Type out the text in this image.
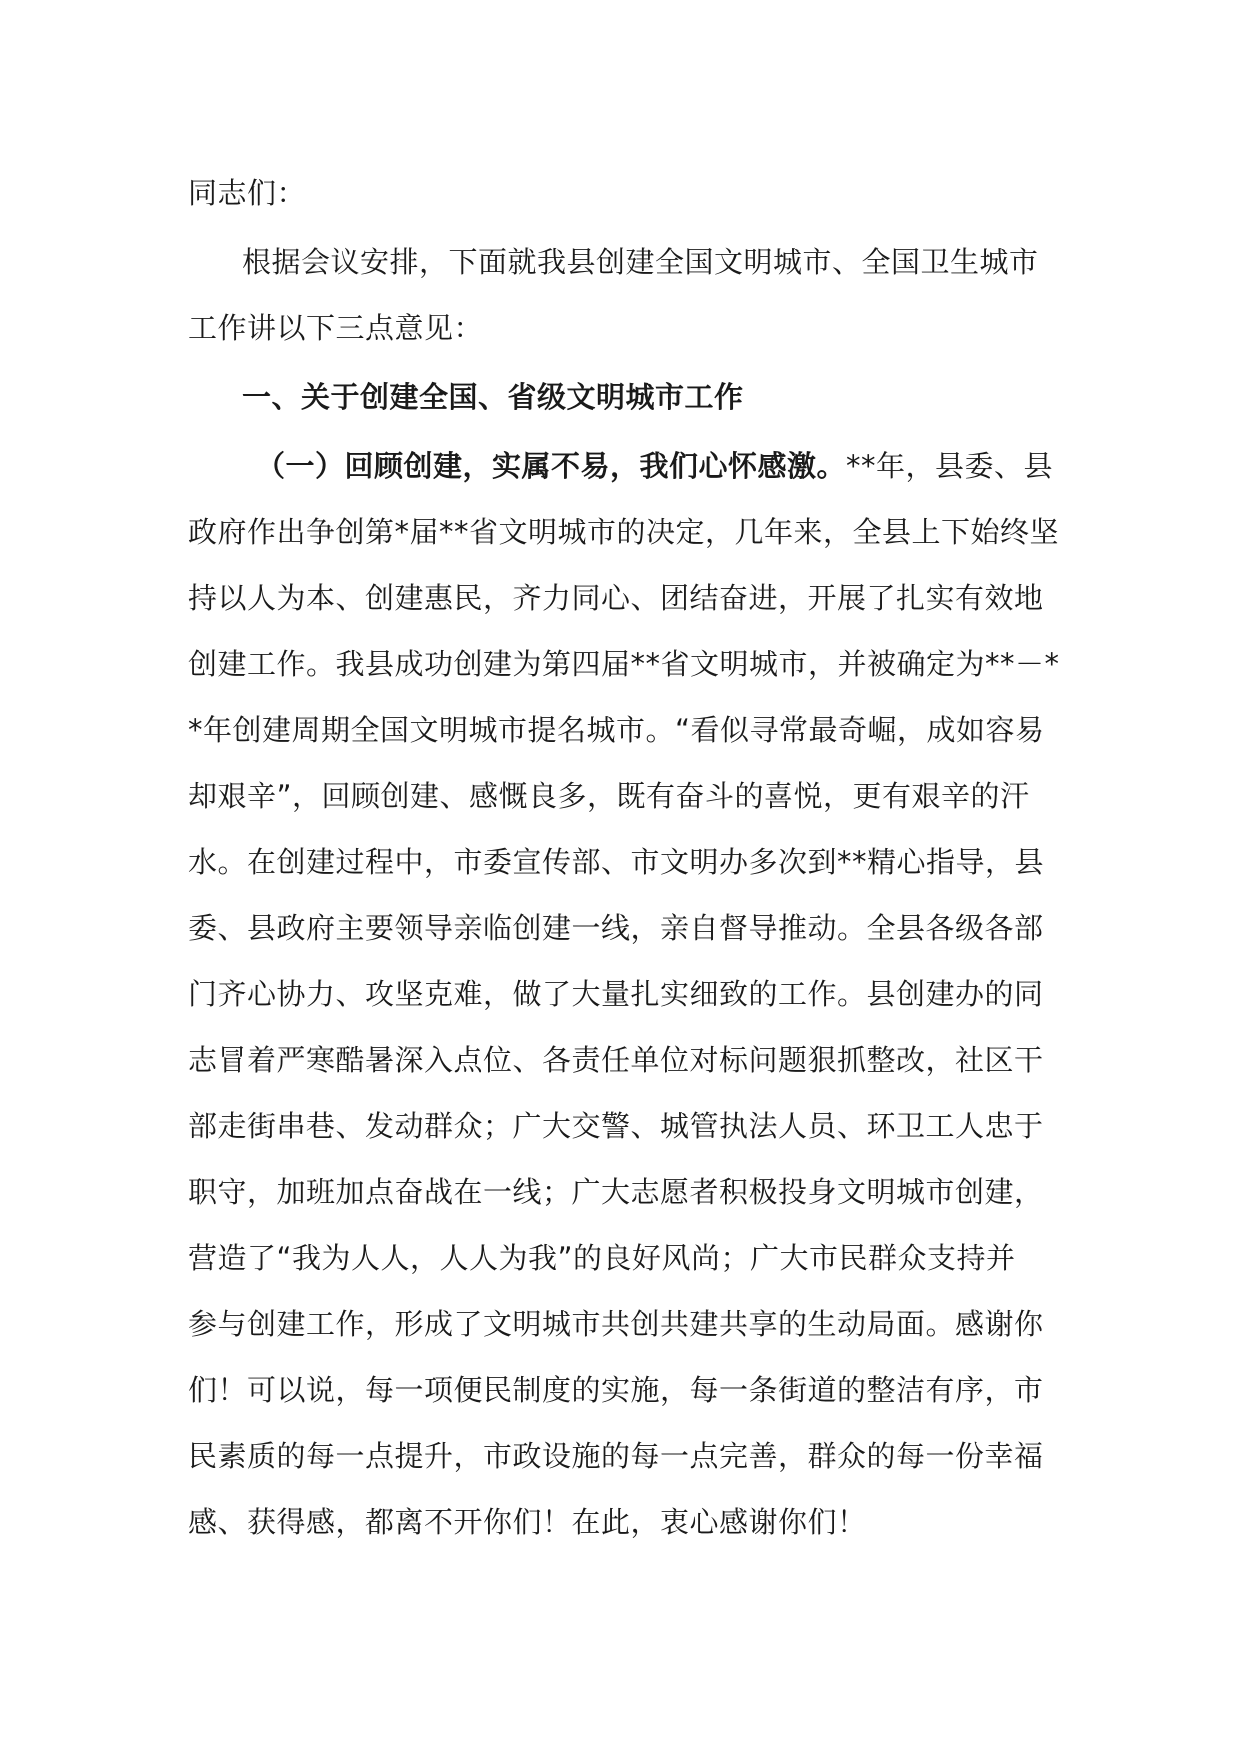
同志们：
根据会议安排，下面就我县创建全国文明城市、全国卫生城市
工作讲以下三点意见：
一、关于创建全国、省级文明城市工作
（一）回顾创建，实属不易，我们心怀感激。**年，县委、县
政府作出争创第*届**省文明城市的决定，几年来，全县上下始终坚
持以人为本、创建惠民，齐力同心、团结奋进，开展了扎实有效地
创建工作。我县成功创建为第四届**省文明城市，并被确定为**－*
*年创建周期全国文明城市提名城市。“看似寻常最奇崛，成如容易
却艰辛”，回顾创建、感慨良多，既有奋斗的喜悦，更有艰辛的汗
水。在创建过程中，市委宣传部、市文明办多次到**精心指导，县
委、县政府主要领导亲临创建一线，亲自督导推动。全县各级各部
门齐心协力、攻坚克难，做了大量扎实细致的工作。县创建办的同
志冒着严寒酷暑深入点位、各责任单位对标问题狠抓整改，社区干
部走街串巷、发动群众；广大交警、城管执法人员、环卫工人忠于
职守，加班加点奋战在一线；广大志愿者积极投身文明城市创建，
营造了“我为人人，人人为我”的良好风尚；广大市民群众支持并
参与创建工作，形成了文明城市共创共建共享的生动局面。感谢你
们！可以说，每一项便民制度的实施，每一条街道的整洁有序，市
民素质的每一点提升，市政设施的每一点完善，群众的每一份幸福
感、获得感，都离不开你们！在此，衷心感谢你们！
